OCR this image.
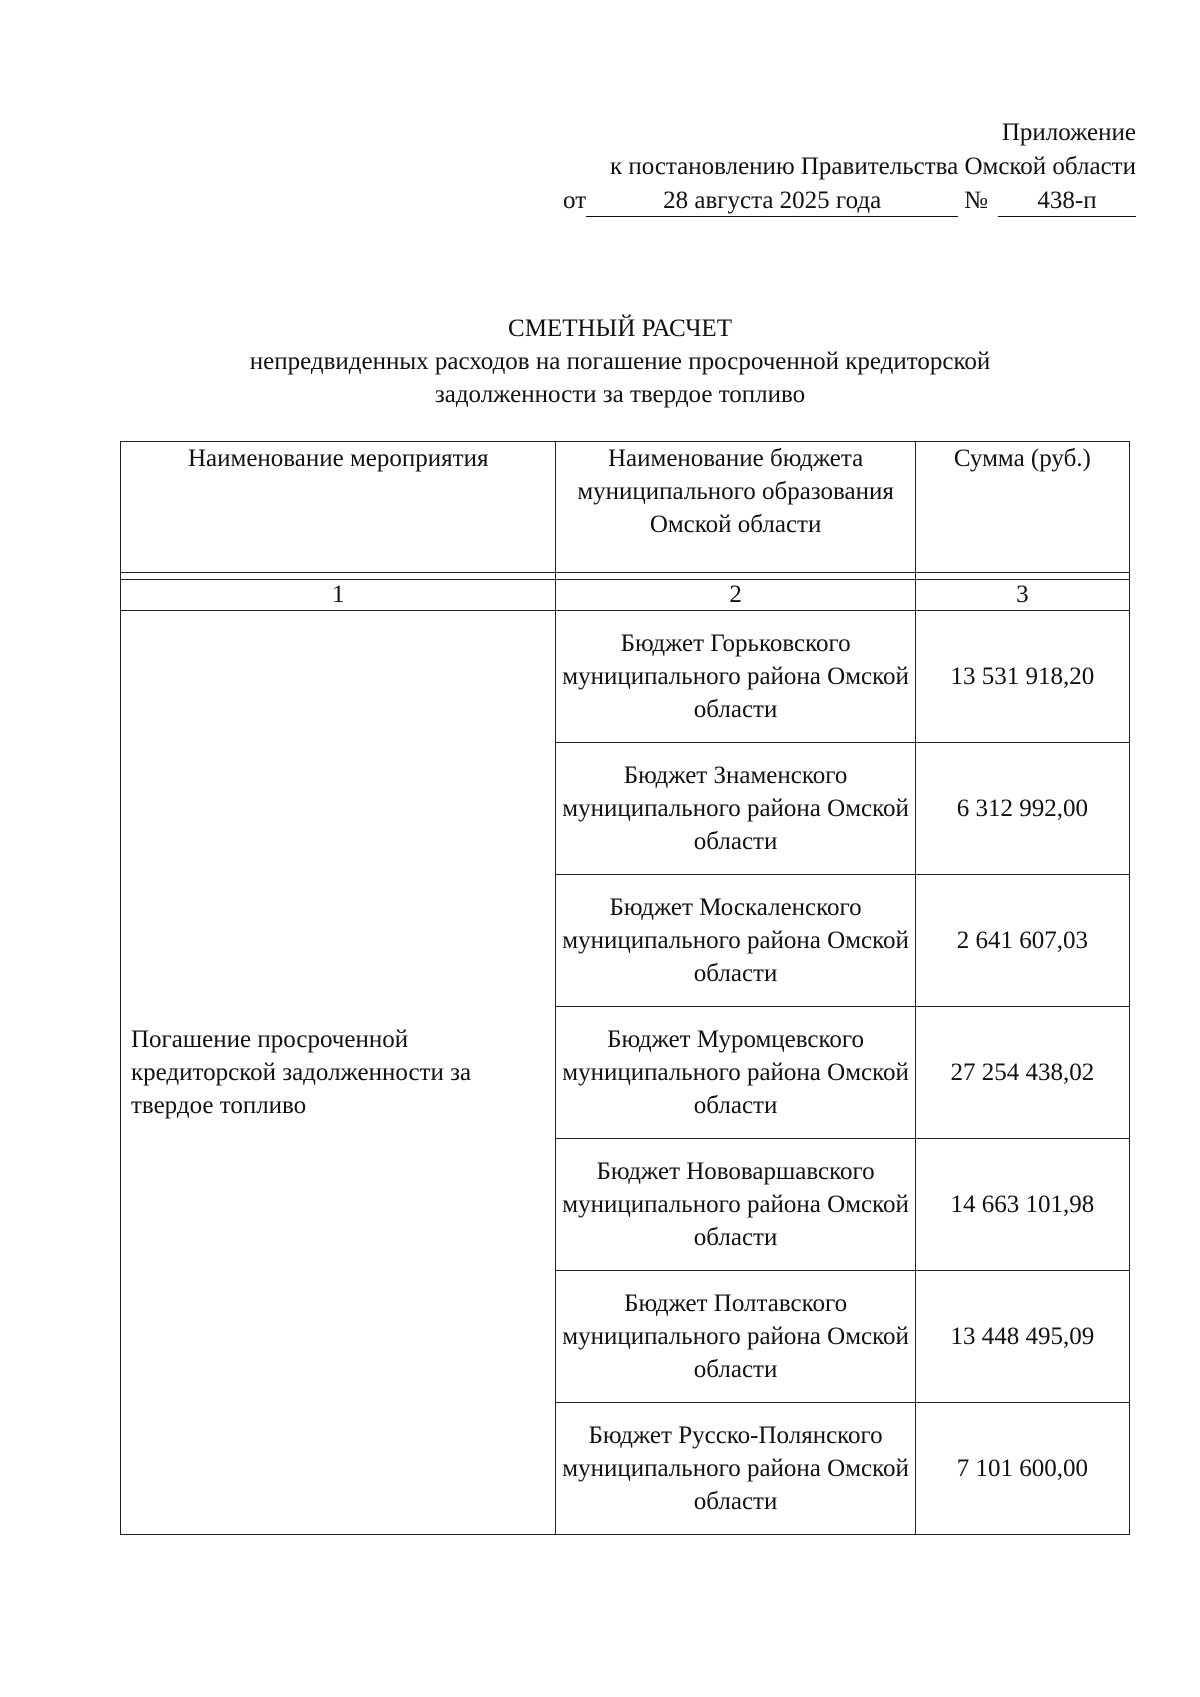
Приложение
к постановлению Правительства Омской области
от	28 августа 2025 года	№ 438-п
СМЕТНЫЙ РАСЧЕТ
непредвиденных расходов на погашение просроченной кредиторской
задолженности за твердое топливо
Наименование мероприятия	Наименование бюджета муниципального образования Омской области	Сумма (руб.)

1	2	3
Погашение просроченной кредиторской задолженности за твердое топливо	Бюджет Горьковского муниципального района Омской области	13 531 918,20
	Бюджет Знаменского муниципального района Омской области	6 312 992,00
	Бюджет Москаленского муниципального района Омской области	2 641 607,03
	Бюджет Муромцевского муниципального района Омской области	27 254 438,02
	Бюджет Нововаршавского муниципального района Омской области	14 663 101,98
	Бюджет Полтавского муниципального района Омской области	13 448 495,09
	Бюджет Русско-Полянского муниципального района Омской области	7 101 600,00
